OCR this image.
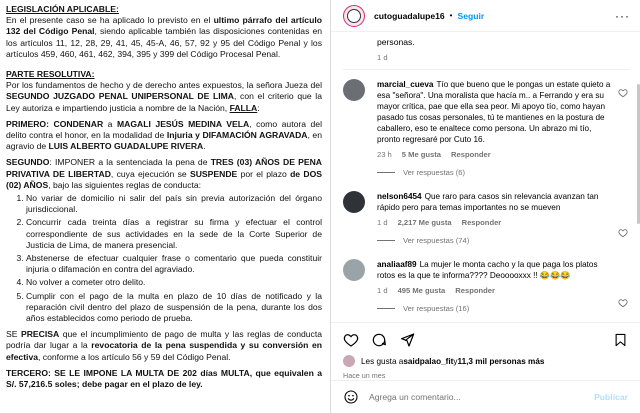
LEGISLACIÓN APLICABLE:

En el presente caso se ha aplicado lo previsto en el ultimo párrafo del artículo 132 del Código Penal, siendo aplicable también las disposiciones contenidas en los artículos 11, 12, 28, 29, 41, 45, 45-A, 46, 57, 92 y 95 del Código Penal y los artículos 459, 460, 461, 462, 394, 395 y 399 del Código Procesal Penal.

PARTE RESOLUTIVA:

Por los fundamentos de hecho y de derecho antes expuestos, la señora Jueza del SEGUNDO JUZGADO PENAL UNIPERSONAL DE LIMA, con el criterio que la Ley autoriza e impartiendo justicia a nombre de la Nación, FALLA:

PRIMERO: CONDENAR a MAGALI JESÚS MEDINA VELA, como autora del delito contra el honor, en la modalidad de Injuria y DIFAMACIÓN AGRAVADA, en agravio de LUIS ALBERTO GUADALUPE RIVERA.

SEGUNDO: IMPONER a la sentenciada la pena de TRES (03) AÑOS DE PENA PRIVATIVA DE LIBERTAD, cuya ejecución se SUSPENDE por el plazo de DOS (02) AÑOS, bajo las siguientes reglas de conducta:

1. No variar de domicilio ni salir del país sin previa autorización del órgano jurisdiccional.
2. Concurrir cada treinta días a registrar su firma y efectuar el control correspondiente de sus actividades en la sede de la Corte Superior de Justicia de Lima, de manera presencial.
3. Abstenerse de efectuar cualquier frase o comentario que pueda constituir injuria o difamación en contra del agraviado.
4. No volver a cometer otro delito.
5. Cumplir con el pago de la multa en plazo de 10 días de notificado y la reparación civil dentro del plazo de suspensión de la pena, durante los dos años establecidos como periodo de prueba.

SE PRECISA que el incumplimiento de pago de multa y las reglas de conducta podría dar lugar a la revocatoria de la pena suspendida y su conversión en efectiva, conforme a los artículo 56 y 59 del Código Penal.

TERCERO: SE LE IMPONE LA MULTA DE 202 días MULTA, que equivalen a S/. 57,216.5 soles; debe pagar en el plazo de ley.

cutoguadalupe16 • Seguir	···
personas.
1 d
marcial_cueva Tío que bueno que le pongas un estate quieto a esa "señora". Una moralista que hacía m.. a Ferrando y era su mayor crítica, pae que ella sea peor. Mi apoyo tío, como hayan pasado tus cosas personales, tú te mantienes en la postura de caballero, eso te enaltece como persona. Un abrazo mi tío, pronto regresaré por Cuto 16.
23 h 5 Me gusta Responder
Ver respuestas (6)
nelson6454 Que raro para casos sin relevancia avanzan tan rápido pero para temas importantes no se mueven
1 d 2,217 Me gusta Responder
Ver respuestas (74)
analiaaf89 La mujer le monta cacho y la que paga los platos rotos es la que te informa???? Deooooxxx !! 😂😂😂
1 d 495 Me gusta Responder
Ver respuestas (16)
Les gusta a saidpalao_fit y 11,3 mil personas más
Hace un mes
Agrega un comentario...
Publicar
